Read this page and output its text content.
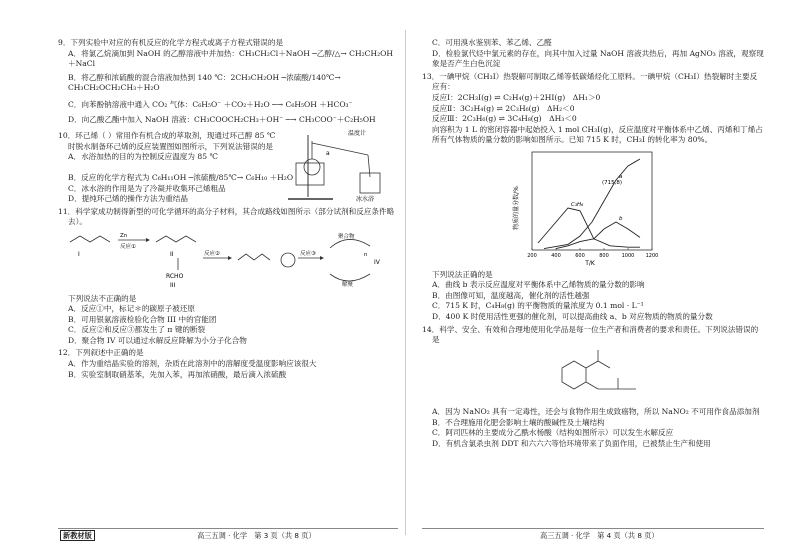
9．下列实验中对应的有机反应的化学方程式或离子方程式错误的是
A．将氯乙烷滴加到 NaOH 的乙醇溶液中并加热：CH₃CH₂Cl＋NaOH ─乙醇/△→ CH₂CH₂OH＋NaCl
B．将乙醇和浓硫酸的混合溶液加热到 140 ℃：2CH₃CH₂OH ─浓硫酸/140℃→ CH₃CH₂OCH₂CH₃＋H₂O
C．向苯酚钠溶液中通入 CO₂ 气体：C₆H₅O⁻ ＋CO₂＋H₂O ─→ C₆H₅OH ＋HCO₃⁻
D．向乙酸乙酯中加入 NaOH 溶液：CH₃COOCH₂CH₃＋OH⁻ ─→ CH₃COO⁻＋C₂H₅OH
10．环己烯（ ）常用作有机合成的萃取剂，现通过环己醇 85 ℃时脱水制备环己烯的反应装置图如图所示，下列说法错误的是
温度计
a
冰水浴
A．水浴加热的目的为控制反应温度为 85 ℃
B．反应的化学方程式为 C₆H₁₁OH ─浓硫酸/85℃→ C₆H₁₀ ＋H₂O
C．冰水浴的作用是为了冷凝并收集环己烯粗品
D．提纯环己烯的操作方法为重结晶
11．科学家成功制得新型的可化学循环的高分子材料，其合成路线如图所示（部分试剂和反应条件略去）。
I
Zn
反应①
II
RCHO
III
反应②	反应③
聚合物
解聚
IV
n
下列说法不正确的是
A．反应①中，标记＊的碳原子被还原
B．可用银氨溶液检验化合物 III 中的官能团
C．反应②和反应③都发生了 π 键的断裂
D．聚合物 IV 可以通过水解反应降解为小分子化合物
12．下列叙述中正确的是
A．作为重结晶实验的溶剂，杂质在此溶剂中的溶解度受温度影响应该很大
B．实验室制取硝基苯，先加入苯，再加浓硝酸，最后滴入浓硫酸
C．可用溴水鉴别苯、苯乙烯、乙醛
D．检验氯代烃中氯元素的存在，向其中加入过量 NaOH 溶液共热后，再加 AgNO₃ 溶液，观察现象是否产生白色沉淀
13．一碘甲烷（CH₃I）热裂解可制取乙烯等低碳烯烃化工原料。一碘甲烷（CH₃I）热裂解时主要反应有：
反应Ⅰ：2CH₃I(g) ⇌ C₂H₄(g)＋2HI(g)　ΔH₁＞0
反应Ⅱ：3C₂H₄(g) ⇌ 2C₃H₆(g)　ΔH₂＜0
反应Ⅲ：2C₃H₆(g) ⇌ 3C₄H₈(g)　ΔH₃＜0
向容积为 1 L 的密闭容器中起始投入 1 mol CH₃I(g)，反应温度对平衡体系中乙烯、丙烯和丁烯占所有气体物质的量分数的影响如图所示。已知 715 K 时，CH₃I 的转化率为 80%。
200	400	600	800	1000 1200
C₃H₆
a
b
物质的量分数/%
T/K
(715,8)
下列说法正确的是
A．曲线 b 表示反应温度对平衡体系中乙烯物质的量分数的影响
B．由图像可知，温度越高，催化剂的活性越强
C．715 K 时，C₄H₈(g) 的平衡物质的量浓度为 0.1 mol · L⁻¹
D．400 K 时使用活性更强的催化剂，可以提高曲线 a、b 对应物质的物质的量分数
14．科学、安全、有效和合理地使用化学品是每一位生产者和消费者的要求和责任。下列说法错误的是
A．因为 NaNO₂ 具有一定毒性，还会与食物作用生成致癌物，所以 NaNO₂ 不可用作食品添加剂
B．不合理施用化肥会影响土壤的酸碱性及土壤结构
C．阿司匹林的主要成分乙酰水杨酸（结构如图所示）可以发生水解反应
D．有机含氯杀虫剂 DDT 和六六六等恰环境带来了负面作用，已被禁止生产和使用
新教材版	高三五调 · 化学　第 3 页（共 8 页）	高三五调 · 化学　第 4 页（共 8 页）
